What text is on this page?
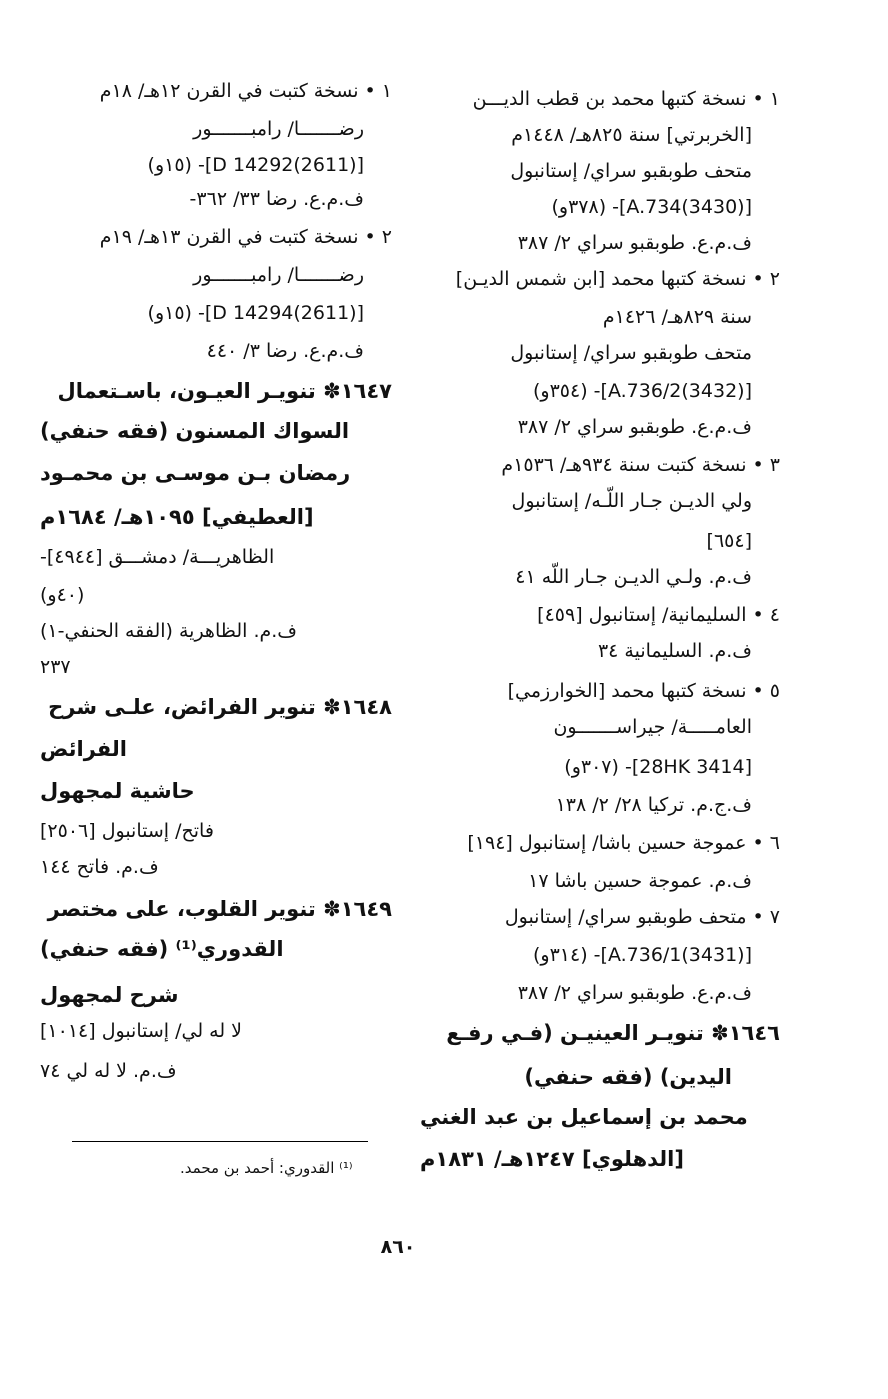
١ • نسخة كتبها محمد بن قطب الديـــن
[الخربرتي] سنة ٨٢٥هـ/ ١٤٤٨م
متحف طوبقبو سراي/ إستانبول
[A.734(3430)]- (٣٧٨و)
ف.م.ع. طوبقبو سراي ٢/ ٣٨٧
٢ • نسخة كتبها محمد [ابن شمس الديـن]
سنة ٨٢٩هـ/ ١٤٢٦م
متحف طوبقبو سراي/ إستانبول
[A.736/2(3432)]- (٣٥٤و)
ف.م.ع. طوبقبو سراي ٢/ ٣٨٧
٣ • نسخة كتبت سنة ٩٣٤هـ/ ١٥٣٦م
ولي الديـن جـار اللّـه/ إستانبول
[٦٥٤]
ف.م. ولـي الديـن جـار اللّه ٤١
٤ • السليمانية/ إستانبول [٤٥٩]
ف.م. السليمانية ٣٤
٥ • نسخة كتبها محمد [الخوارزمي]
العامـــــة/ جيراســـــــون
[28HK 3414]- (٣٠٧و)
ف.ج.م. تركيا ٢٨/ ٢/ ١٣٨
٦ • عموجة حسين باشا/ إستانبول [١٩٤]
ف.م. عموجة حسين باشا ١٧
٧ • متحف طوبقبو سراي/ إستانبول
[A.736/1(3431)]- (٣١٤و)
ف.م.ع. طوبقبو سراي ٢/ ٣٨٧
١٦٤٦✽ تنويـر العينيـن (فـي رفـع
اليدين) (فقه حنفي)
محمد بن إسماعيل بن عبد الغني
[الدهلوي] ١٢٤٧هـ/ ١٨٣١م
١ • نسخة كتبت في القرن ١٢هـ/ ١٨م
رضـــــــا/ رامبـــــــور
[D 14292(2611)]- (١٥و)
ف.م.ع. رضا ٣٣/ ٣٦٢-
٢ • نسخة كتبت في القرن ١٣هـ/ ١٩م
رضـــــــا/ رامبـــــــور
[D 14294(2611)]- (١٥و)
ف.م.ع. رضا ٣/ ٤٤٠
١٦٤٧✽ تنويـر العيـون، باسـتعمال
السواك المسنون (فقه حنفي)
رمضان بـن موسـى بن محمـود
[العطيفي] ١٠٩٥هـ/ ١٦٨٤م
الظاهريـــة/ دمشـــق [٤٩٤٤]-
(٤٠و)
ف.م. الظاهرية (الفقه الحنفي-١)
٢٣٧
١٦٤٨✽ تنوير الفرائض، علـى شرح
الفرائض
حاشية لمجهول
فاتح/ إستانبول [٢٥٠٦]
ف.م. فاتح ١٤٤
١٦٤٩✽ تنوير القلوب، على مختصر
القدوري⁽¹⁾ (فقه حنفي)
شرح لمجهول
لا له لي/ إستانبول [١٠١٤]
ف.م. لا له لي ٧٤
⁽¹⁾ القدوري: أحمد بن محمد.
٨٦٠
